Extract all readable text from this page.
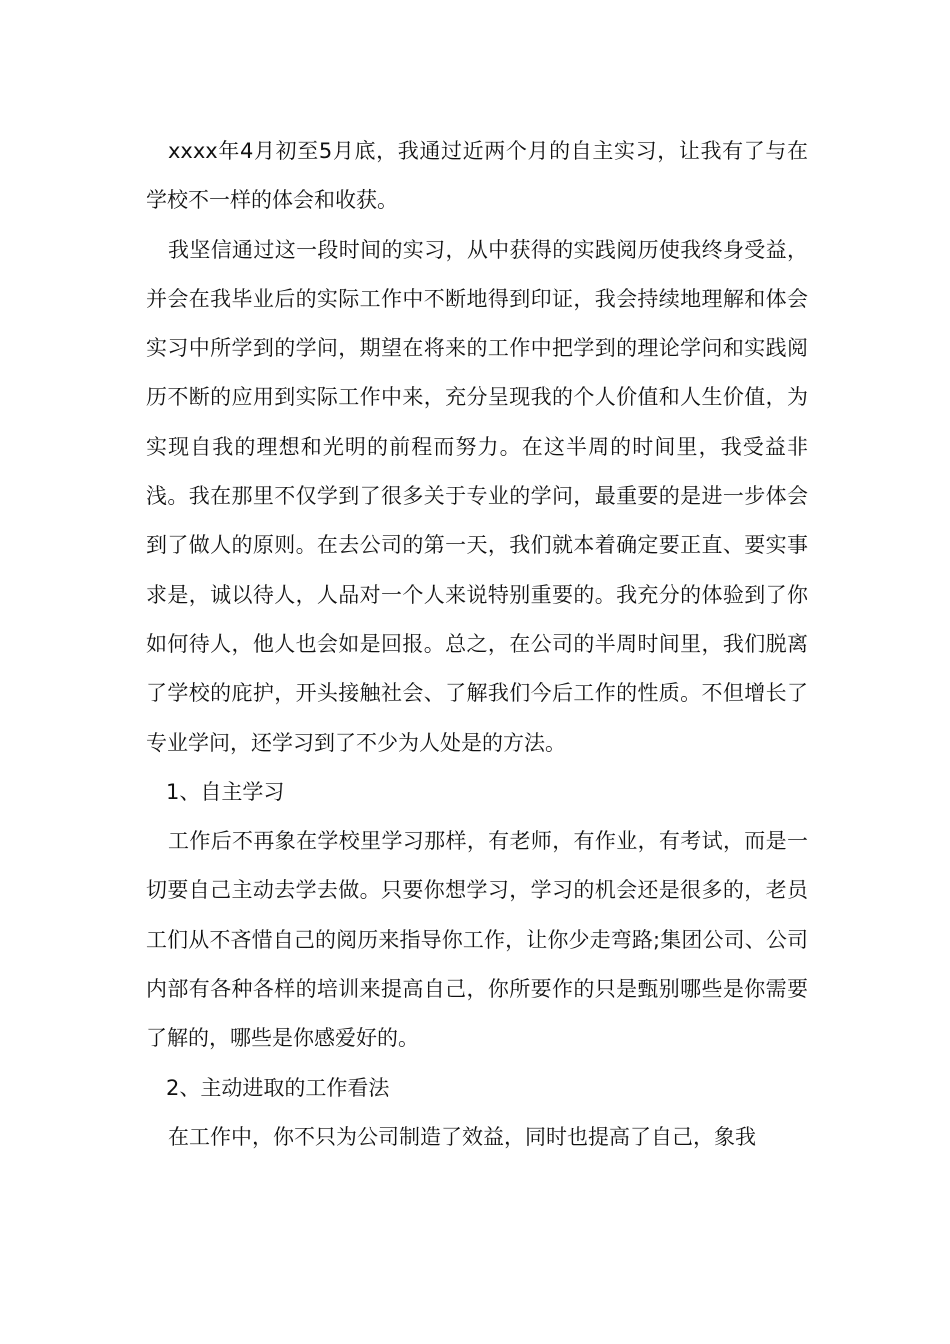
xxxx年4月初至5月底，我通过近两个月的自主实习，让我有了与在学校不一样的体会和收获。

我坚信通过这一段时间的实习，从中获得的实践阅历使我终身受益，并会在我毕业后的实际工作中不断地得到印证，我会持续地理解和体会实习中所学到的学问，期望在将来的工作中把学到的理论学问和实践阅历不断的应用到实际工作中来，充分呈现我的个人价值和人生价值，为实现自我的理想和光明的前程而努力。在这半周的时间里，我受益非浅。我在那里不仅学到了很多关于专业的学问，最重要的是进一步体会到了做人的原则。在去公司的第一天，我们就本着确定要正直、要实事求是，诚以待人，人品对一个人来说特别重要的。我充分的体验到了你如何待人，他人也会如是回报。总之，在公司的半周时间里，我们脱离了学校的庇护，开头接触社会、了解我们今后工作的性质。不但增长了专业学问，还学习到了不少为人处是的方法。

1、自主学习

工作后不再象在学校里学习那样，有老师，有作业，有考试，而是一切要自己主动去学去做。只要你想学习，学习的机会还是很多的，老员工们从不吝惜自己的阅历来指导你工作，让你少走弯路;集团公司、公司内部有各种各样的培训来提高自己，你所要作的只是甄别哪些是你需要了解的，哪些是你感爱好的。

2、主动进取的工作看法

在工作中，你不只为公司制造了效益，同时也提高了自己，象我
